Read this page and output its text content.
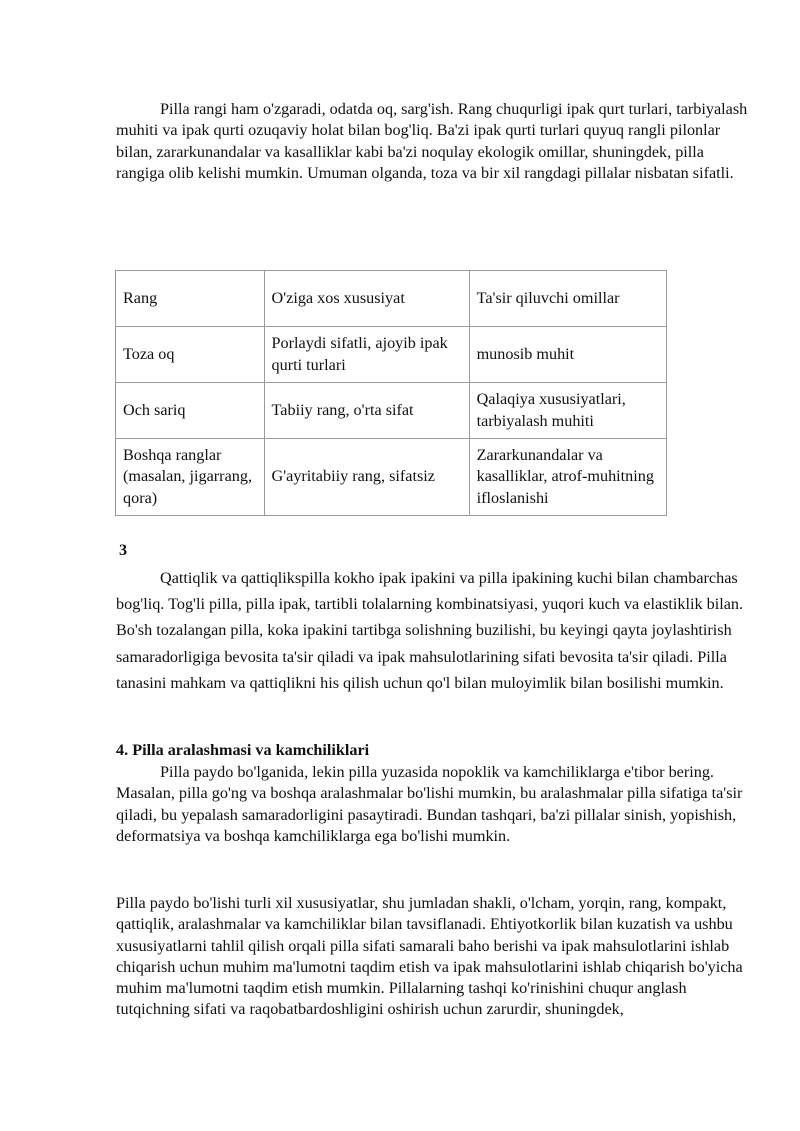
Pilla rangi ham o'zgaradi, odatda oq, sarg'ish. Rang chuqurligi ipak qurt turlari, tarbiyalash muhiti va ipak qurti ozuqaviy holat bilan bog'liq. Ba'zi ipak qurti turlari quyuq rangli pilonlar bilan, zararkunandalar va kasalliklar kabi ba'zi noqulay ekologik omillar, shuningdek, pilla rangiga olib kelishi mumkin. Umuman olganda, toza va bir xil rangdagi pillalar nisbatan sifatli.

Rang	O'ziga xos xususiyat	Ta'sir qiluvchi omillar
Toza oq	Porlaydi sifatli, ajoyib ipak qurti turlari	munosib muhit
Och sariq	Tabiiy rang, o'rta sifat	Qalaqiya xususiyatlari, tarbiyalash muhiti
Boshqa ranglar (masalan, jigarrang, qora)	G'ayritabiiy rang, sifatsiz	Zararkunandalar va kasalliklar, atrof-muhitning ifloslanishi

3

Qattiqlik va qattiqlikspilla kokho ipak ipakini va pilla ipakining kuchi bilan chambarchas bog'liq. Tog'li pilla, pilla ipak, tartibli tolalarning kombinatsiyasi, yuqori kuch va elastiklik bilan. Bo'sh tozalangan pilla, koka ipakini tartibga solishning buzilishi, bu keyingi qayta joylashtirish samaradorligiga bevosita ta'sir qiladi va ipak mahsulotlarining sifati bevosita ta'sir qiladi. Pilla tanasini mahkam va qattiqlikni his qilish uchun qo'l bilan muloyimlik bilan bosilishi mumkin.

4. Pilla aralashmasi va kamchiliklari

Pilla paydo bo'lganida, lekin pilla yuzasida nopoklik va kamchiliklarga e'tibor bering. Masalan, pilla go'ng va boshqa aralashmalar bo'lishi mumkin, bu aralashmalar pilla sifatiga ta'sir qiladi, bu yepalash samaradorligini pasaytiradi. Bundan tashqari, ba'zi pillalar sinish, yopishish, deformatsiya va boshqa kamchiliklarga ega bo'lishi mumkin.

Pilla paydo bo'lishi turli xil xususiyatlar, shu jumladan shakli, o'lcham, yorqin, rang, kompakt, qattiqlik, aralashmalar va kamchiliklar bilan tavsiflanadi. Ehtiyotkorlik bilan kuzatish va ushbu xususiyatlarni tahlil qilish orqali pilla sifati samarali baho berishi va ipak mahsulotlarini ishlab chiqarish uchun muhim ma'lumotni taqdim etish va ipak mahsulotlarini ishlab chiqarish bo'yicha muhim ma'lumotni taqdim etish mumkin. Pillalarning tashqi ko'rinishini chuqur anglash tutqichning sifati va raqobatbardoshligini oshirish uchun zarurdir, shuningdek,
